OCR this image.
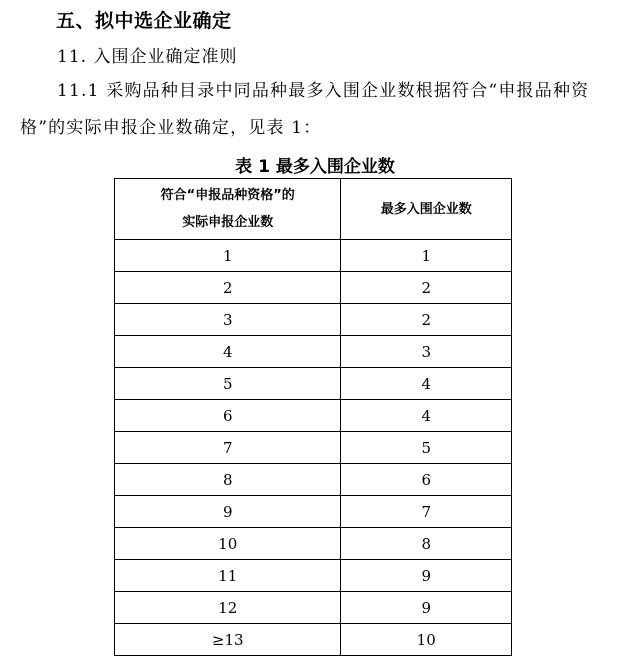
五、拟中选企业确定
11. 入围企业确定准则

11.1 采购品种目录中同品种最多入围企业数根据符合“申报品种资格”的实际申报企业数确定，见表 1：

表 1 最多入围企业数
符合“申报品种资格”的
实际申报企业数	最多入围企业数
1	1
2	2
3	2
4	3
5	4
6	4
7	5
8	6
9	7
10	8
11	9
12	9
≥13	10
